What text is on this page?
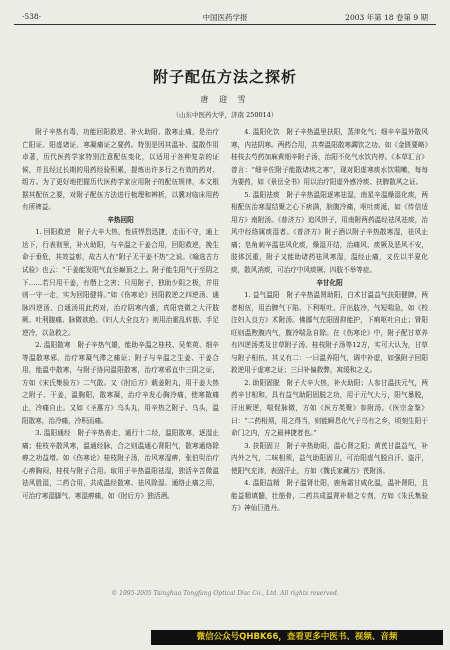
·538·	中国医药学报	2003 年第 18 卷第 9 期
附子配伍方法之探析
唐 迎 雪
（山东中医药大学，济南 250014）

附子辛热有毒，功能回阳救逆、补火助阳、散寒止痛，是治疗亡阳证、阳虚诸证、寒凝痛证之要药。特别是因其温补、温散作用卓著，历代医药学家特别注意配伍变化，以适用于各种复杂的证候，并且经过长期的用药经验积累，提炼出许多行之有效的药对、组方。为了更好地把握历代医药学家应用附子的配伍规律，本文根据其配伍之要，对附子配伍方法进行梳理和辨析，以冀对临床用药有所裨益。

辛热回阳

1. 回阳救逆　附子大辛大热，性质悍烈迅捷，走而不守，通上达下，行表彻里，补火助阳，与辛温之干姜合用，回阳救逆，挽生命于垂危，其效益彰，故古人有“附子无干姜不热”之说。《喻选古方试验》也云：“干姜能发阳气直至巅顶之上。附子能生阳气于至阴之下……若只用干姜，有僭上之害；只用附子，独助少阴之极，并用则一守一走，实为回阳健将。”如《伤寒论》回阳救逆之四逆汤、通脉四逆汤、白通汤用此药对，治疗阴寒内盛，真阳衰微之大汗肢厥、吐利腹痛、脉微欲绝。《妇人大全良方》则用治霍乱转筋、手足逆冷，以急救之。

2. 温阳散寒　附子辛热气雄，能助辛温之桂枝、吴茱萸、细辛等温散寒邪，治疗寒凝气滞之痛证；附子与辛温之生姜、干姜合用，能温中散寒，与附子协同温阳散寒，治疗寒邪直中三阴之证，方如《宋氏集验方》二气散。又《肘后方》载姜附丸，用干姜大热之附子、干姜，温胸阳，散寒凝，治疗辛发心胸冷痛，使寒散痛止，冷痛自止。又如《圣惠方》乌头丸，用辛热之附子、乌头，温阳散寒，治冷痛，冷积而痛。

3. 温阳通经　附子辛热善走，通行十二经，温阳散寒，逐湿止痛；桂枝辛散风寒，温通经脉，合之则温通心肾阳气，散寒通络除痹之功益增。如《伤寒论》桂枝附子汤，治风寒湿痹，张伯臾治疗心痹胸闷，桂枝与附子合用。取用于辛热温阳祛湿，独活辛苦微温祛风胜湿，二药合用，共成温经散寒、祛风除湿、通络止痛之用，可治疗寒湿脚气、寒湿痹痛，如《肘后方》独活酒。

4. 温阳化饮　附子辛热温里扶阳，蒸津化气；细辛辛温外散风寒，内祛阴寒。两药合用，共奏温阳散寒蠲饮之功。如《金匮要略》桂枝去芍药加麻黄细辛附子汤，治阳不化气水饮内停。《本草汇言》曾言：“细辛佐附子能散诸疾之寒”，现对阳虚寒痰水饮喘嗽，每每为要药，如《景岳全书》用以治疗阳虚外感冷痰、扶脾散风之证。

5. 温阳祛痰　附子辛热温阳逐寒祛湿，南星辛温燥湿化痰，两相配伍治寒湿结聚之心下痞满，脘腹冷痛，呕吐痰涎，如《传信适用方》南附汤。《普济方》追风饼子，用南附两药温经祛风祛痰，治风中经络属痰湿者。《普济方》附子酒以附子辛热散寒湿，祛风止痛；皂角刺辛温祛风化痰，燥湿开结，治痛风、痰厥及恶风不安，肢体沉重，附子又能助诸药祛风寒湿，温经止痛，又佐以半夏化痰，散风消痰，可治疗中风痰厥、四肢不举等症。

辛甘化阳

1. 益气温阳　附子辛热温肾助阳，白术甘温益气扶阳健脾，两者相伍，用治脾气下陷、下利呕吐、汗出肢冷，气短喘急，如《校注妇人良方》术附汤。佛鄙气充阳固抑能护，下痢呕吐自止；肾阳旺则温煦腹内气，腹冷喘急自除。在《伤寒论》中，附子配甘草养有四逆汤类及甘草附子汤、桂枝附子汤等12方，实可大认为，甘草与附子相伍，其义有二：一曰温养阳气，调中补虚，如强附子回阳救逆用于虚寒之证；三曰补偏救弊，寓缓和之义。

2. 助阳固脱　附子大辛大热，补火助阳；人参甘温扶元气，两药辛甘相和，具有益气助阳固脱之功，用于元气大亏，阳气暴脱，汗出厥逆，喘促脉微，方如《医方类聚》参附汤。《医宗金鉴》曰：“二药相须，用之得当，则能瞬息化气于乌有之乡，顷刻生阳于命门之内，方之最神捷者也。”

3. 扶阳固卫　附子辛热助阳，温心肾之阳；黄芪甘温益气，补内外之气，二味相须，益气助阳固卫，可治阳虚气脱自汗、盗汗，使阳气充沛，表固汗止，方如《魏氏家藏方》芪附汤。

4. 温阳益精　附子温肾壮阳，鹿角霜甘咸化温，温补肾阳，且能益精填髓，壮筋骨，二药共成温肾补精之专剂，方如《朱氏集验方》神仙巨胜丹。

© 1995-2005 Tsinghua Tongfang Optical Disc Co., Ltd. All rights reserved.
微信公众号QHBK66，查看更多中医书、视频、音频
